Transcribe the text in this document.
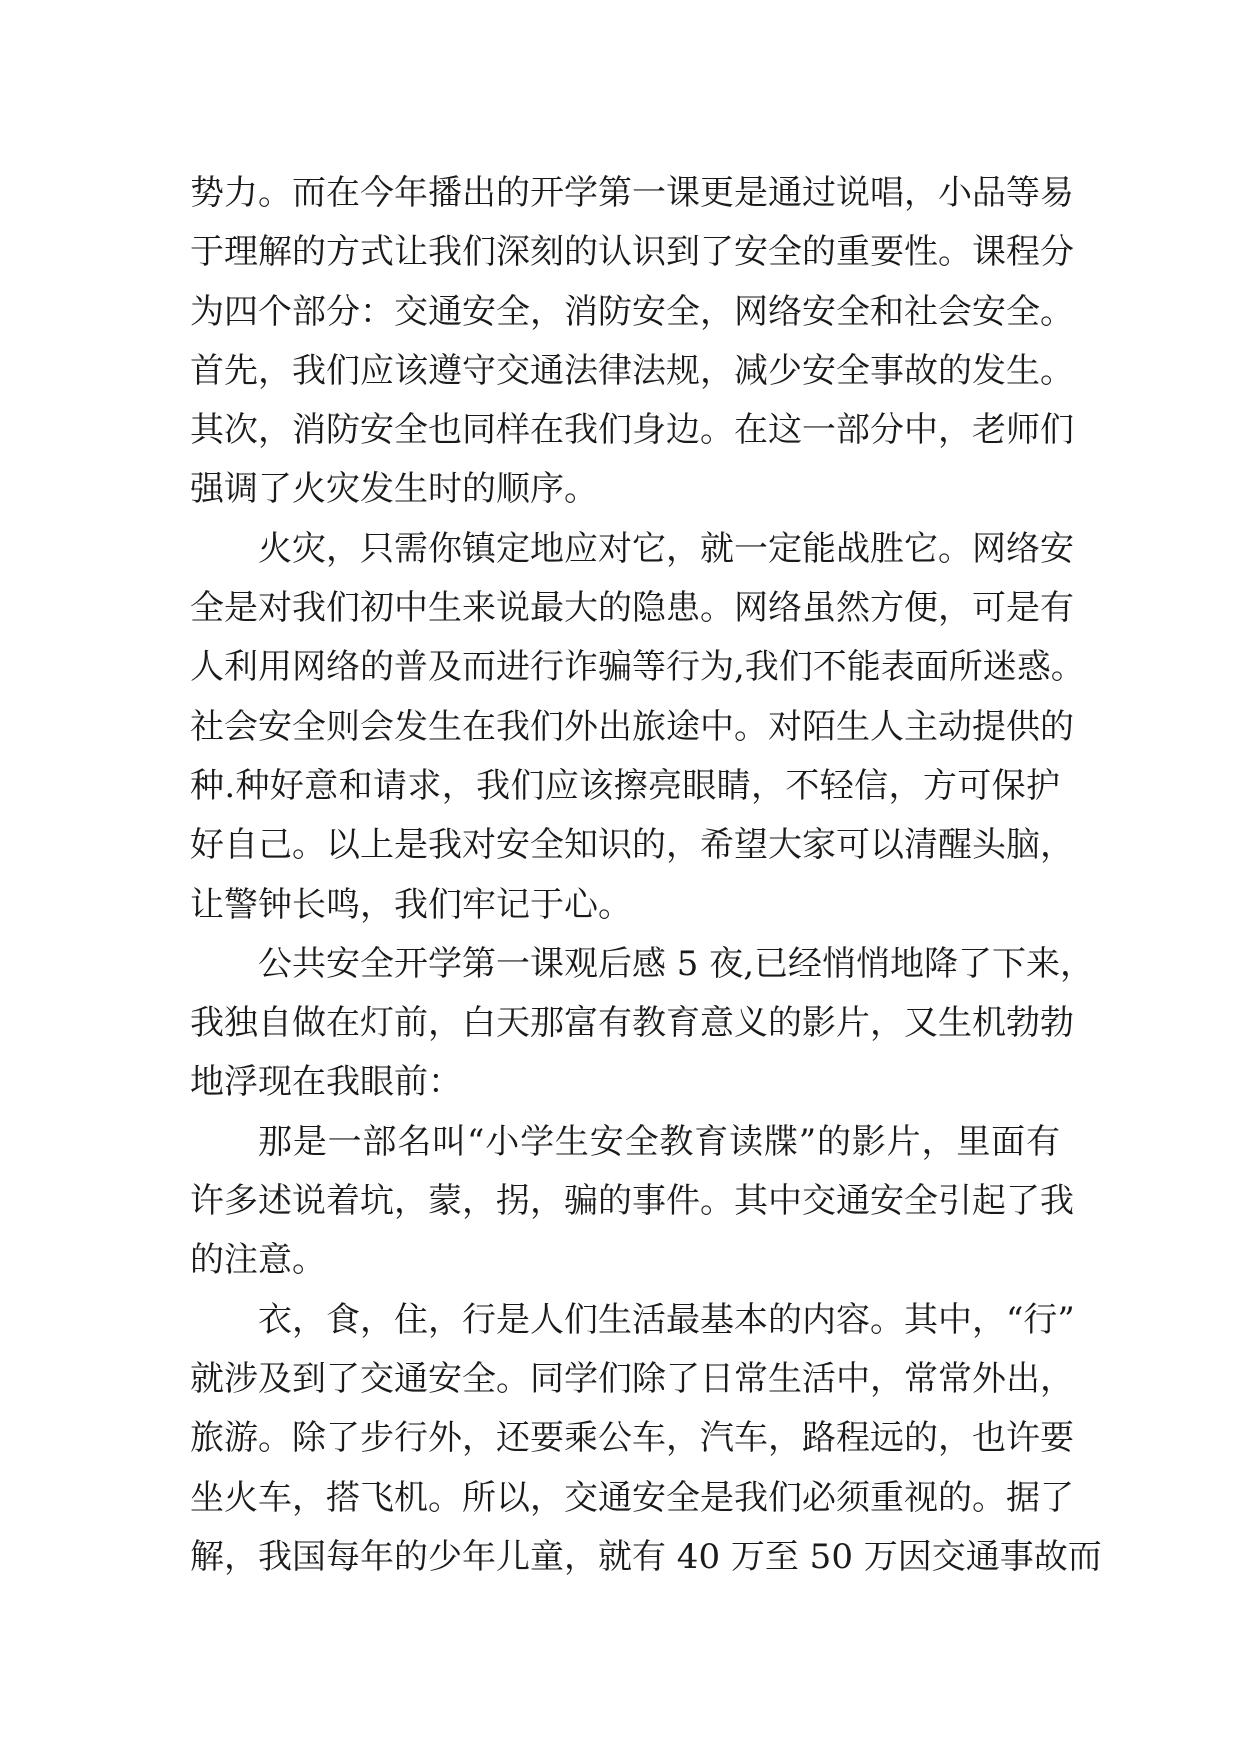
势力。而在今年播出的开学第一课更是通过说唱，小品等易
于理解的方式让我们深刻的认识到了安全的重要性。课程分
为四个部分：交通安全，消防安全，网络安全和社会安全。
首先，我们应该遵守交通法律法规，减少安全事故的发生。
其次，消防安全也同样在我们身边。在这一部分中，老师们
强调了火灾发生时的顺序。
火灾，只需你镇定地应对它，就一定能战胜它。网络安
全是对我们初中生来说最大的隐患。网络虽然方便，可是有
人利用网络的普及而进行诈骗等行为,我们不能表面所迷惑。
社会安全则会发生在我们外出旅途中。对陌生人主动提供的
种.种好意和请求，我们应该擦亮眼睛，不轻信，方可保护
好自己。以上是我对安全知识的，希望大家可以清醒头脑，
让警钟长鸣，我们牢记于心。
公共安全开学第一课观后感 5 夜,已经悄悄地降了下来，
我独自做在灯前，白天那富有教育意义的影片，又生机勃勃
地浮现在我眼前：
那是一部名叫“小学生安全教育读牒”的影片，里面有
许多述说着坑，蒙，拐，骗的事件。其中交通安全引起了我
的注意。
衣，食，住，行是人们生活最基本的内容。其中，“行”
就涉及到了交通安全。同学们除了日常生活中，常常外出，
旅游。除了步行外，还要乘公车，汽车，路程远的，也许要
坐火车，搭飞机。所以，交通安全是我们必须重视的。据了
解，我国每年的少年儿童，就有 40 万至 50 万因交通事故而
